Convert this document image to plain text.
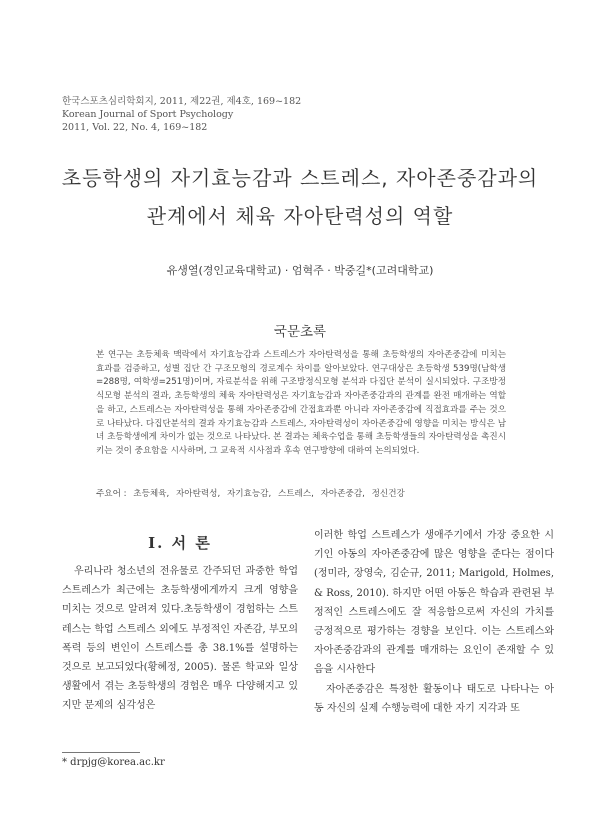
한국스포츠심리학회지, 2011, 제22권, 제4호, 169~182
Korean Journal of Sport Psychology
2011, Vol. 22, No. 4, 169~182
초등학생의 자기효능감과 스트레스, 자아존중감과의
관계에서 체육 자아탄력성의 역할
유생열(경인교육대학교) · 엄혁주 · 박중길*(고려대학교)
국문초록

본 연구는 초등체육 맥락에서 자기효능감과 스트레스가 자아탄력성을 통해 초등학생의 자아존중감에 미치는 효과를 검증하고, 성별 집단 간 구조모형의 경로계수 차이를 알아보았다. 연구대상은 초등학생 539명(남학생=288명, 여학생=251명)이며, 자료분석을 위해 구조방정식모형 분석과 다집단 분석이 실시되었다. 구조방정식모형 분석의 결과, 초등학생의 체육 자아탄력성은 자기효능감과 자아존중감과의 관계를 완전 매개하는 역할을 하고, 스트레스는 자아탄력성을 통해 자아존중감에 간접효과뿐 아니라 자아존중감에 직접효과를 주는 것으로 나타났다. 다집단분석의 결과 자기효능감과 스트레스, 자아탄력성이 자아존중감에 영향을 미치는 방식은 남녀 초등학생에게 차이가 없는 것으로 나타났다. 본 결과는 체육수업을 통해 초등학생들의 자아탄력성을 촉진시키는 것이 중요함을 시사하며, 그 교육적 시사점과 후속 연구방향에 대하여 논의되었다.

주요어 : 초등체육, 자아탄력성, 자기효능감, 스트레스, 자아존중감, 정신건강
I. 서 론

우리나라 청소년의 전유물로 간주되던 과중한 학업 스트레스가 최근에는 초등학생에게까지 크게 영향을 미치는 것으로 알려져 있다.초등학생이 경험하는 스트레스는 학업 스트레스 외에도 부정적인 자존감, 부모의 폭력 등의 변인이 스트레스를 총 38.1%를 설명하는 것으로 보고되었다(황혜정, 2005). 물론 학교와 일상생활에서 겪는 초등학생의 경험은 매우 다양해지고 있지만 문제의 심각성은

이러한 학업 스트레스가 생애주기에서 가장 중요한 시기인 아동의 자아존중감에 많은 영향을 준다는 점이다(정미라, 장영숙, 김순규, 2011; Marigold, Holmes, & Ross, 2010). 하지만 어떤 아동은 학습과 관련된 부정적인 스트레스에도 잘 적응함으로써 자신의 가치를 긍정적으로 평가하는 경향을 보인다. 이는 스트레스와 자아존중감과의 관계를 매개하는 요인이 존재할 수 있음을 시사한다

자아존중감은 특정한 활동이나 태도로 나타나는 아동 자신의 실제 수행능력에 대한 자기 지각과 또

* drpjg@korea.ac.kr
